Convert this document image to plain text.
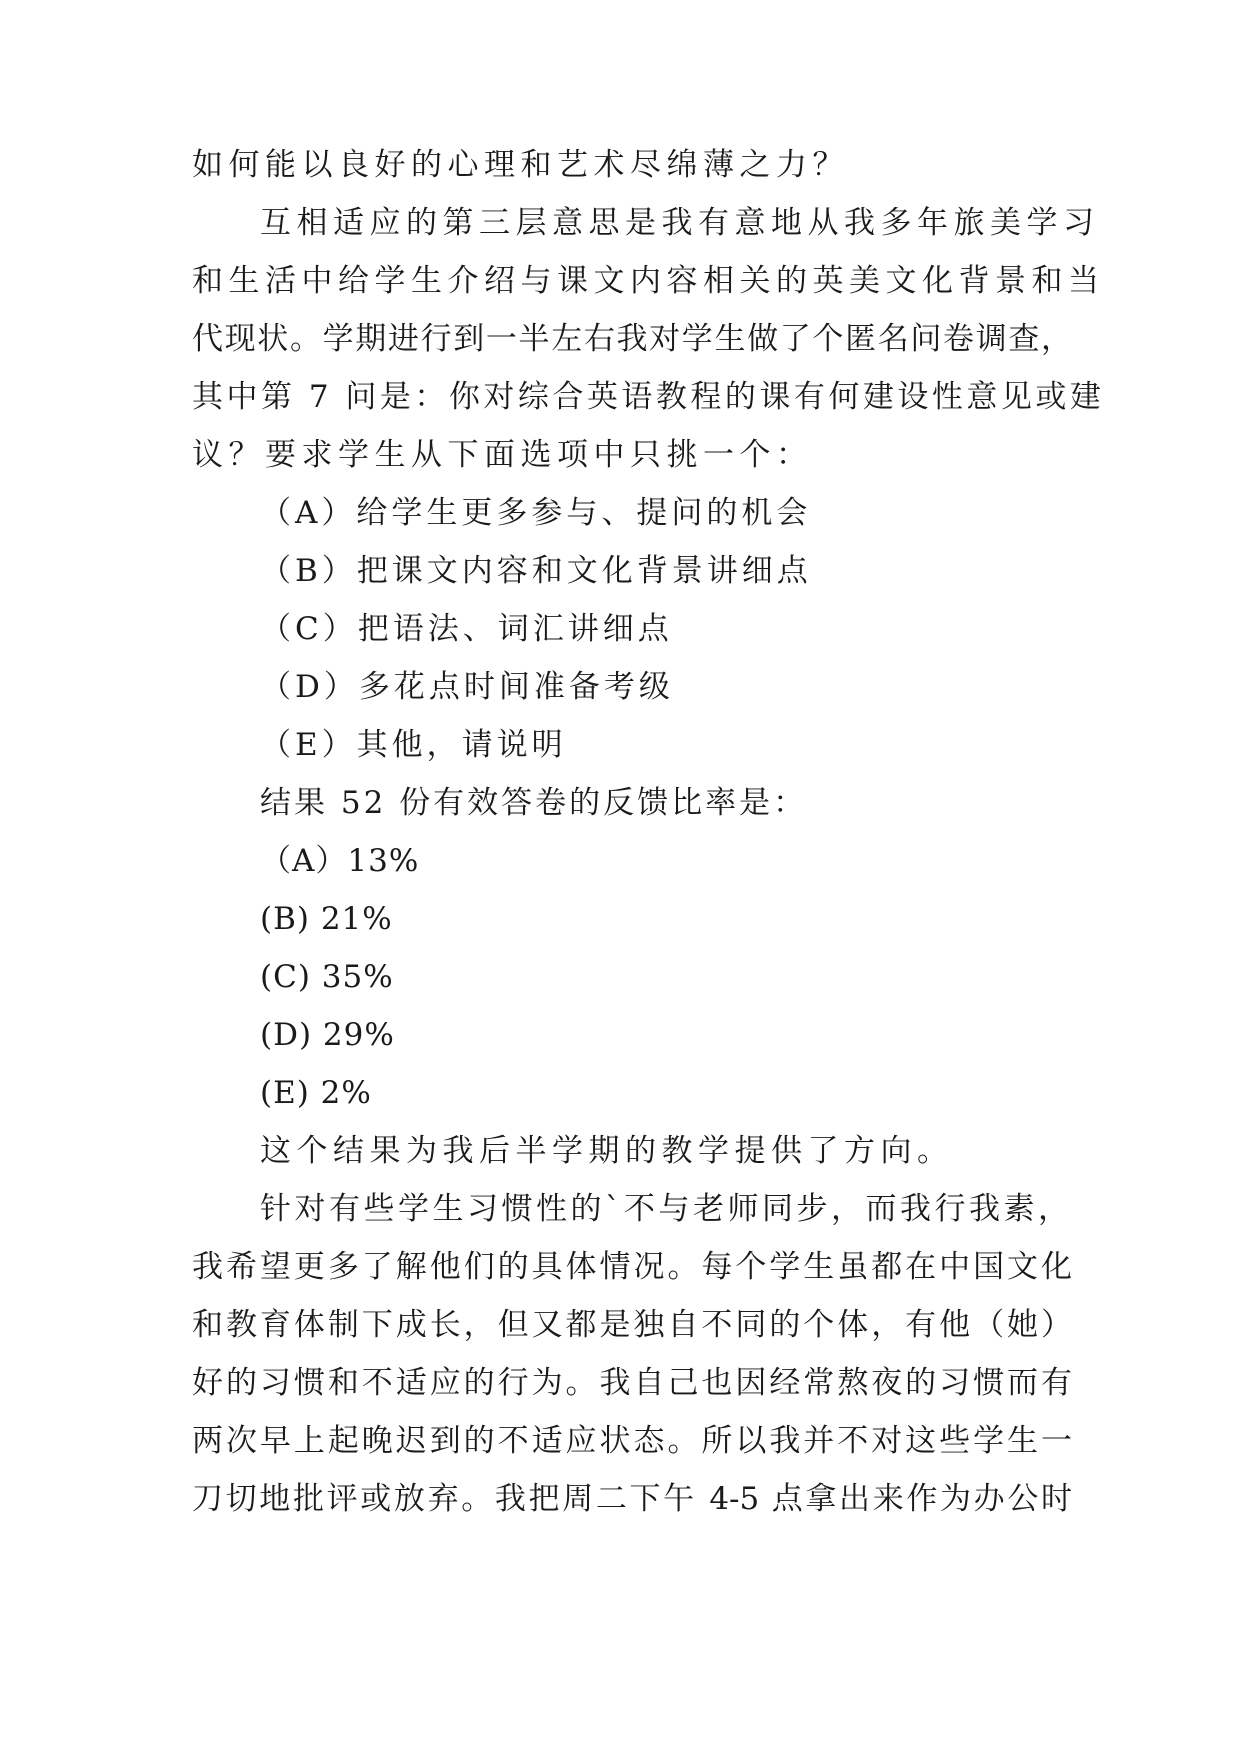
如何能以良好的心理和艺术尽绵薄之力？
互相适应的第三层意思是我有意地从我多年旅美学习
和生活中给学生介绍与课文内容相关的英美文化背景和当
代现状。学期进行到一半左右我对学生做了个匿名问卷调查，
其中第 7 问是：你对综合英语教程的课有何建设性意见或建
议？要求学生从下面选项中只挑一个：
（A）给学生更多参与、提问的机会
（B）把课文内容和文化背景讲细点
（C）把语法、词汇讲细点
（D）多花点时间准备考级
（E）其他，请说明
结果 52 份有效答卷的反馈比率是：
（A）13%
(B) 21%
(C) 35%
(D) 29%
(E) 2%
这个结果为我后半学期的教学提供了方向。
针对有些学生习惯性的`不与老师同步，而我行我素，
我希望更多了解他们的具体情况。每个学生虽都在中国文化
和教育体制下成长，但又都是独自不同的个体，有他（她）
好的习惯和不适应的行为。我自己也因经常熬夜的习惯而有
两次早上起晚迟到的不适应状态。所以我并不对这些学生一
刀切地批评或放弃。我把周二下午 4-5 点拿出来作为办公时
